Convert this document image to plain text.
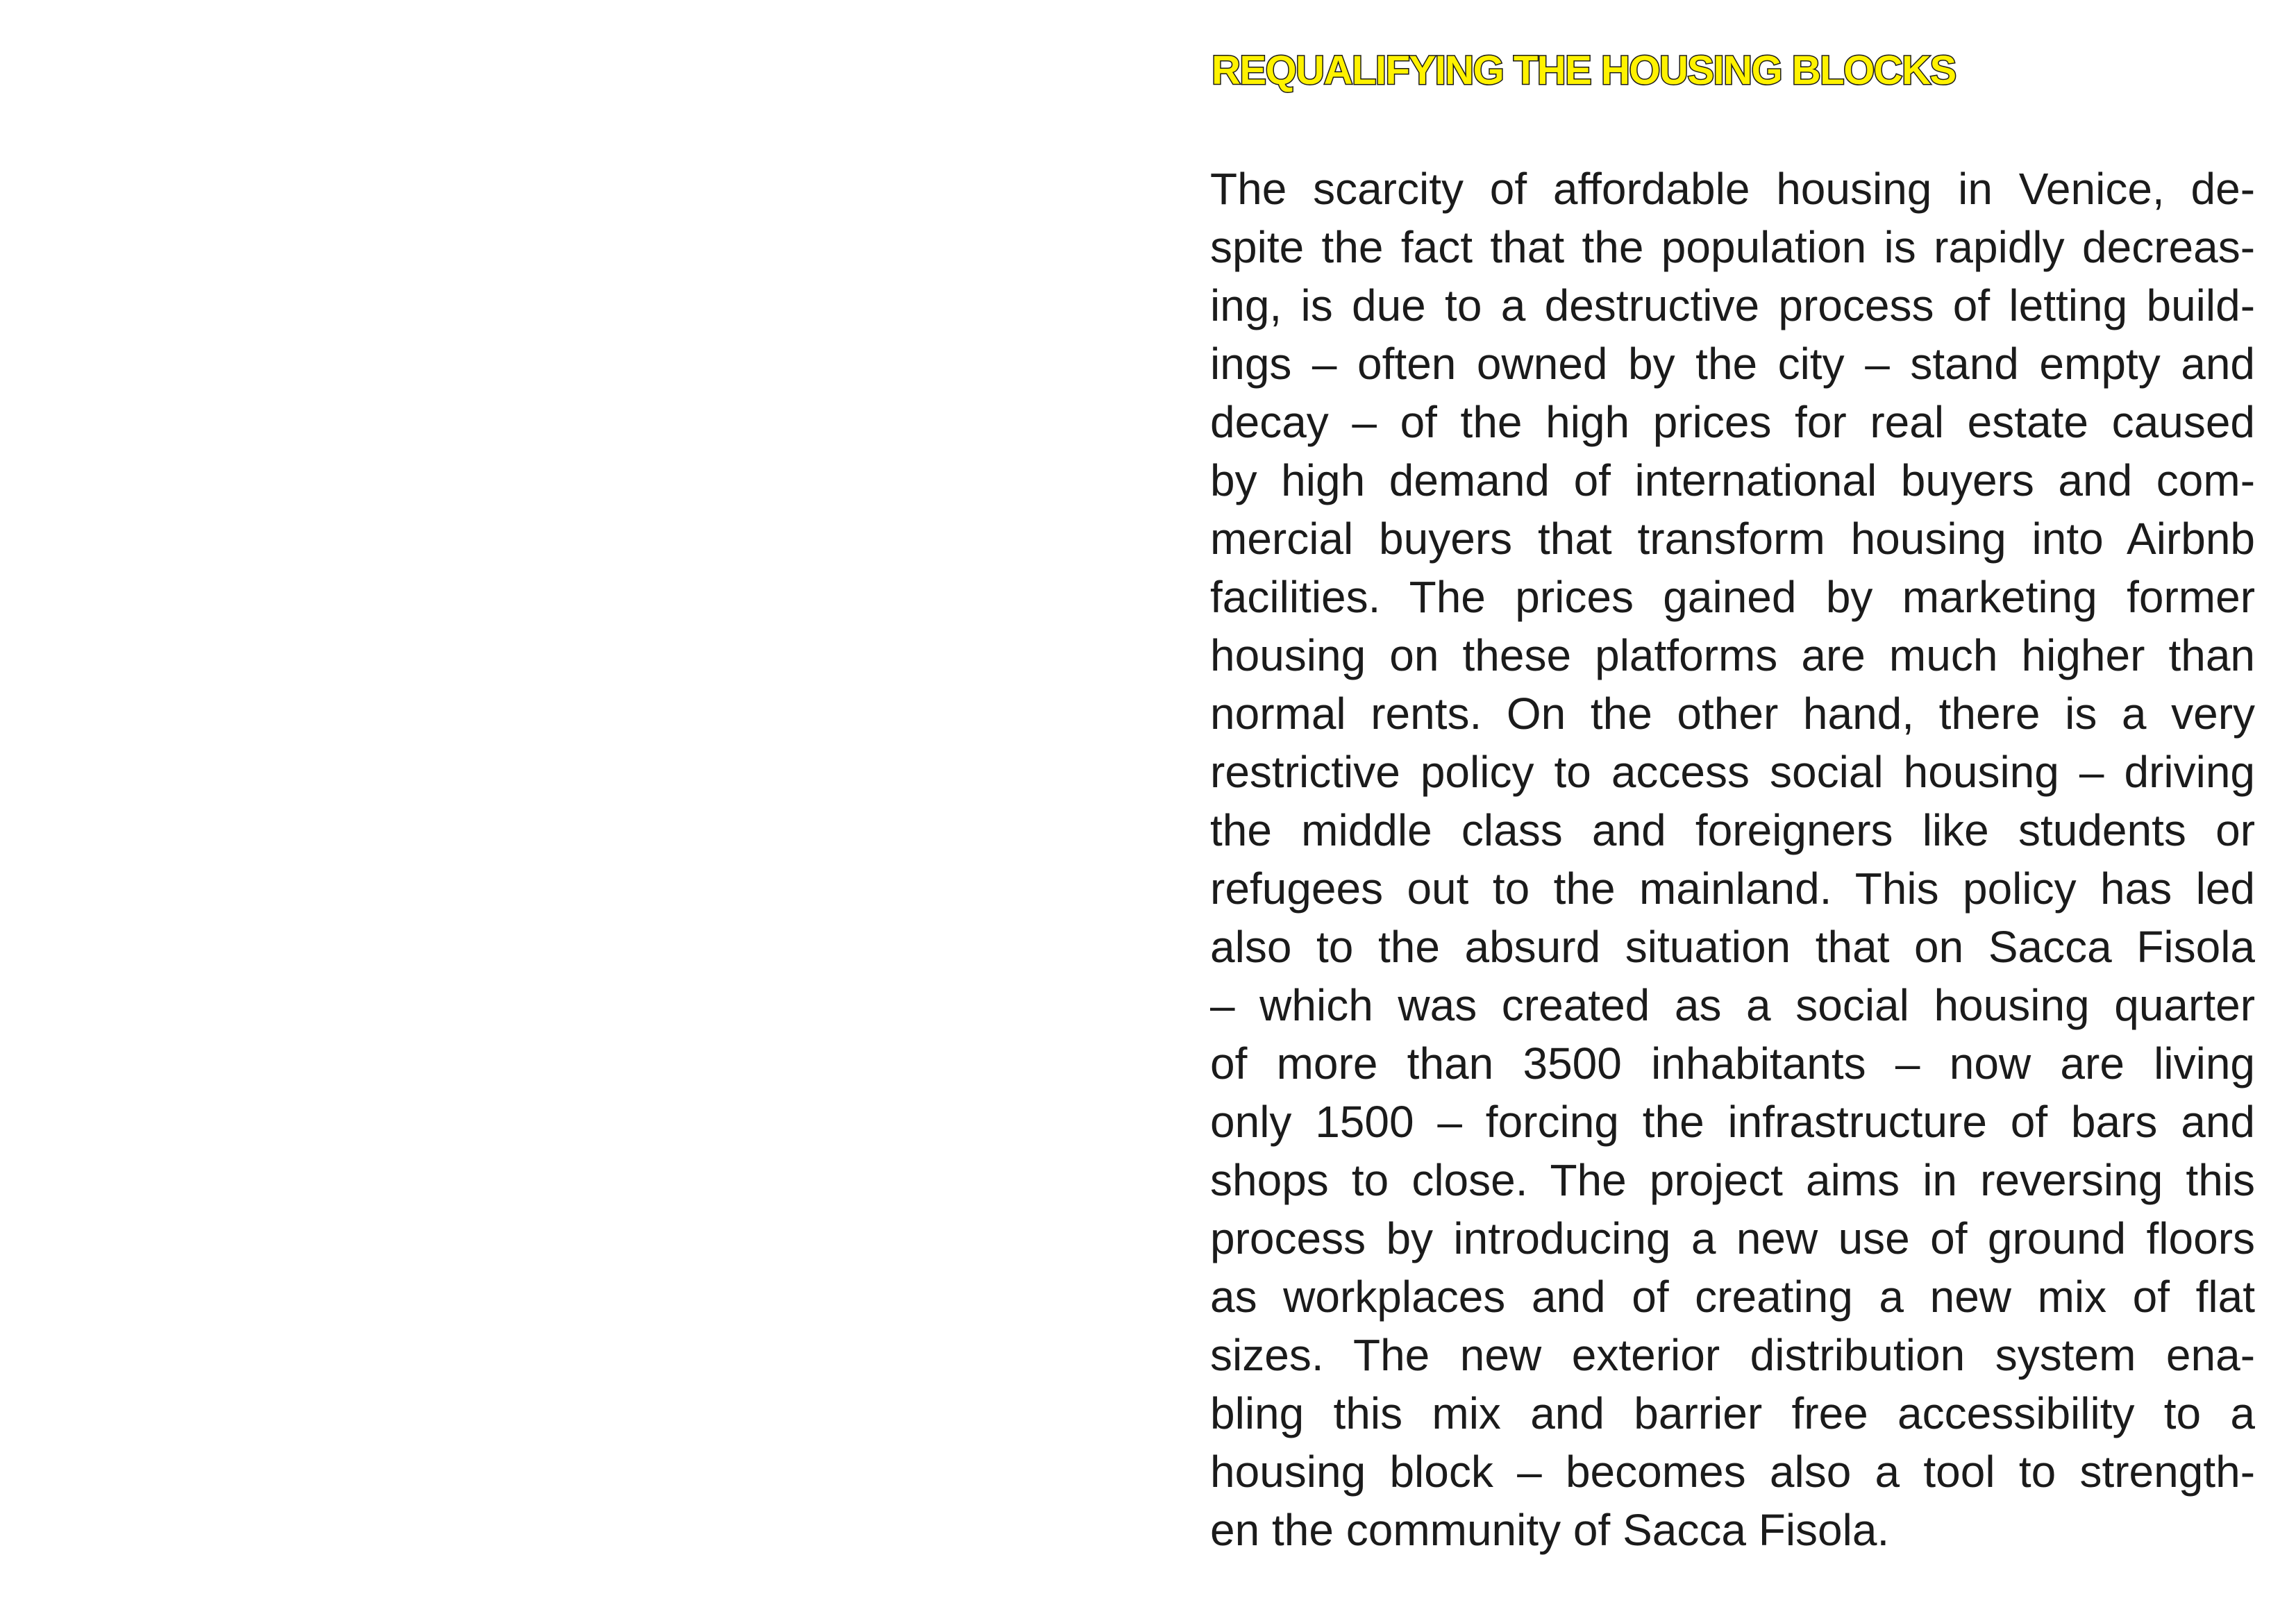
REQUALIFYING THE HOUSING BLOCKS
The scarcity of affordable housing in Venice, de-
spite the fact that the population is rapidly decreas-
ing, is due to a destructive process of letting build-
ings – often owned by the city – stand empty and
decay – of the high prices for real estate caused
by high demand of international buyers and com-
mercial buyers that transform housing into Airbnb
facilities. The prices gained by marketing former
housing on these platforms are much higher than
normal rents. On the other hand, there is a very
restrictive policy to access social housing – driving
the middle class and foreigners like students or
refugees out to the mainland. This policy has led
also to the absurd situation that on Sacca Fisola
– which was created as a social housing quarter
of more than 3500 inhabitants – now are living
only 1500 – forcing the infrastructure of bars and
shops to close. The project aims in reversing this
process by introducing a new use of ground floors
as workplaces and of creating a new mix of flat
sizes. The new exterior distribution system ena-
bling this mix and barrier free accessibility to a
housing block – becomes also a tool to strength-
en the community of Sacca Fisola.
